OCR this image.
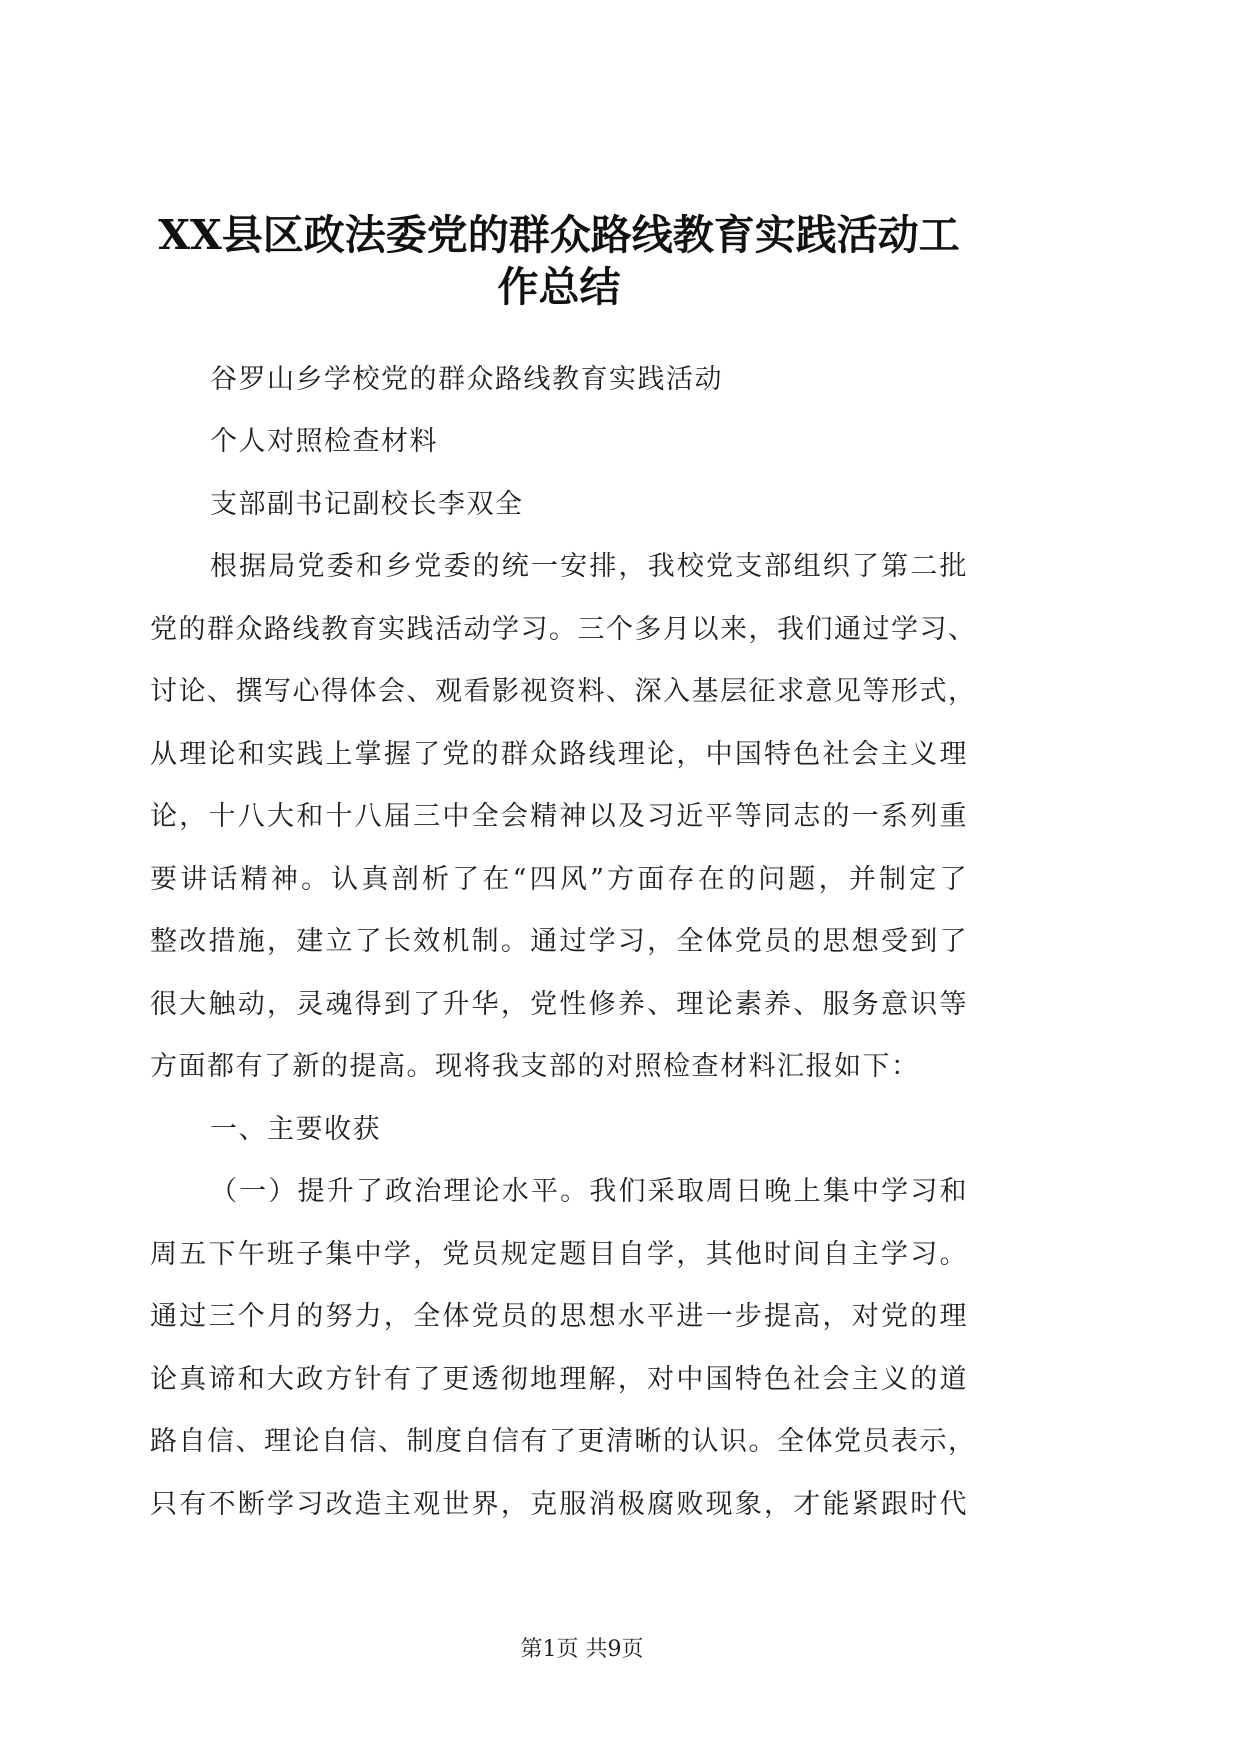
XX县区政法委党的群众路线教育实践活动工
作总结
谷罗山乡学校党的群众路线教育实践活动
个人对照检查材料
支部副书记副校长李双全
根据局党委和乡党委的统一安排，我校党支部组织了第二批
党的群众路线教育实践活动学习。三个多月以来，我们通过学习、
讨论、撰写心得体会、观看影视资料、深入基层征求意见等形式，
从理论和实践上掌握了党的群众路线理论，中国特色社会主义理
论，十八大和十八届三中全会精神以及习近平等同志的一系列重
要讲话精神。认真剖析了在“四风”方面存在的问题，并制定了
整改措施，建立了长效机制。通过学习，全体党员的思想受到了
很大触动，灵魂得到了升华，党性修养、理论素养、服务意识等
方面都有了新的提高。现将我支部的对照检查材料汇报如下：
一、主要收获
（一）提升了政治理论水平。我们采取周日晚上集中学习和
周五下午班子集中学，党员规定题目自学，其他时间自主学习。
通过三个月的努力，全体党员的思想水平进一步提高，对党的理
论真谛和大政方针有了更透彻地理解，对中国特色社会主义的道
路自信、理论自信、制度自信有了更清晰的认识。全体党员表示，
只有不断学习改造主观世界，克服消极腐败现象，才能紧跟时代
第1页 共9页
